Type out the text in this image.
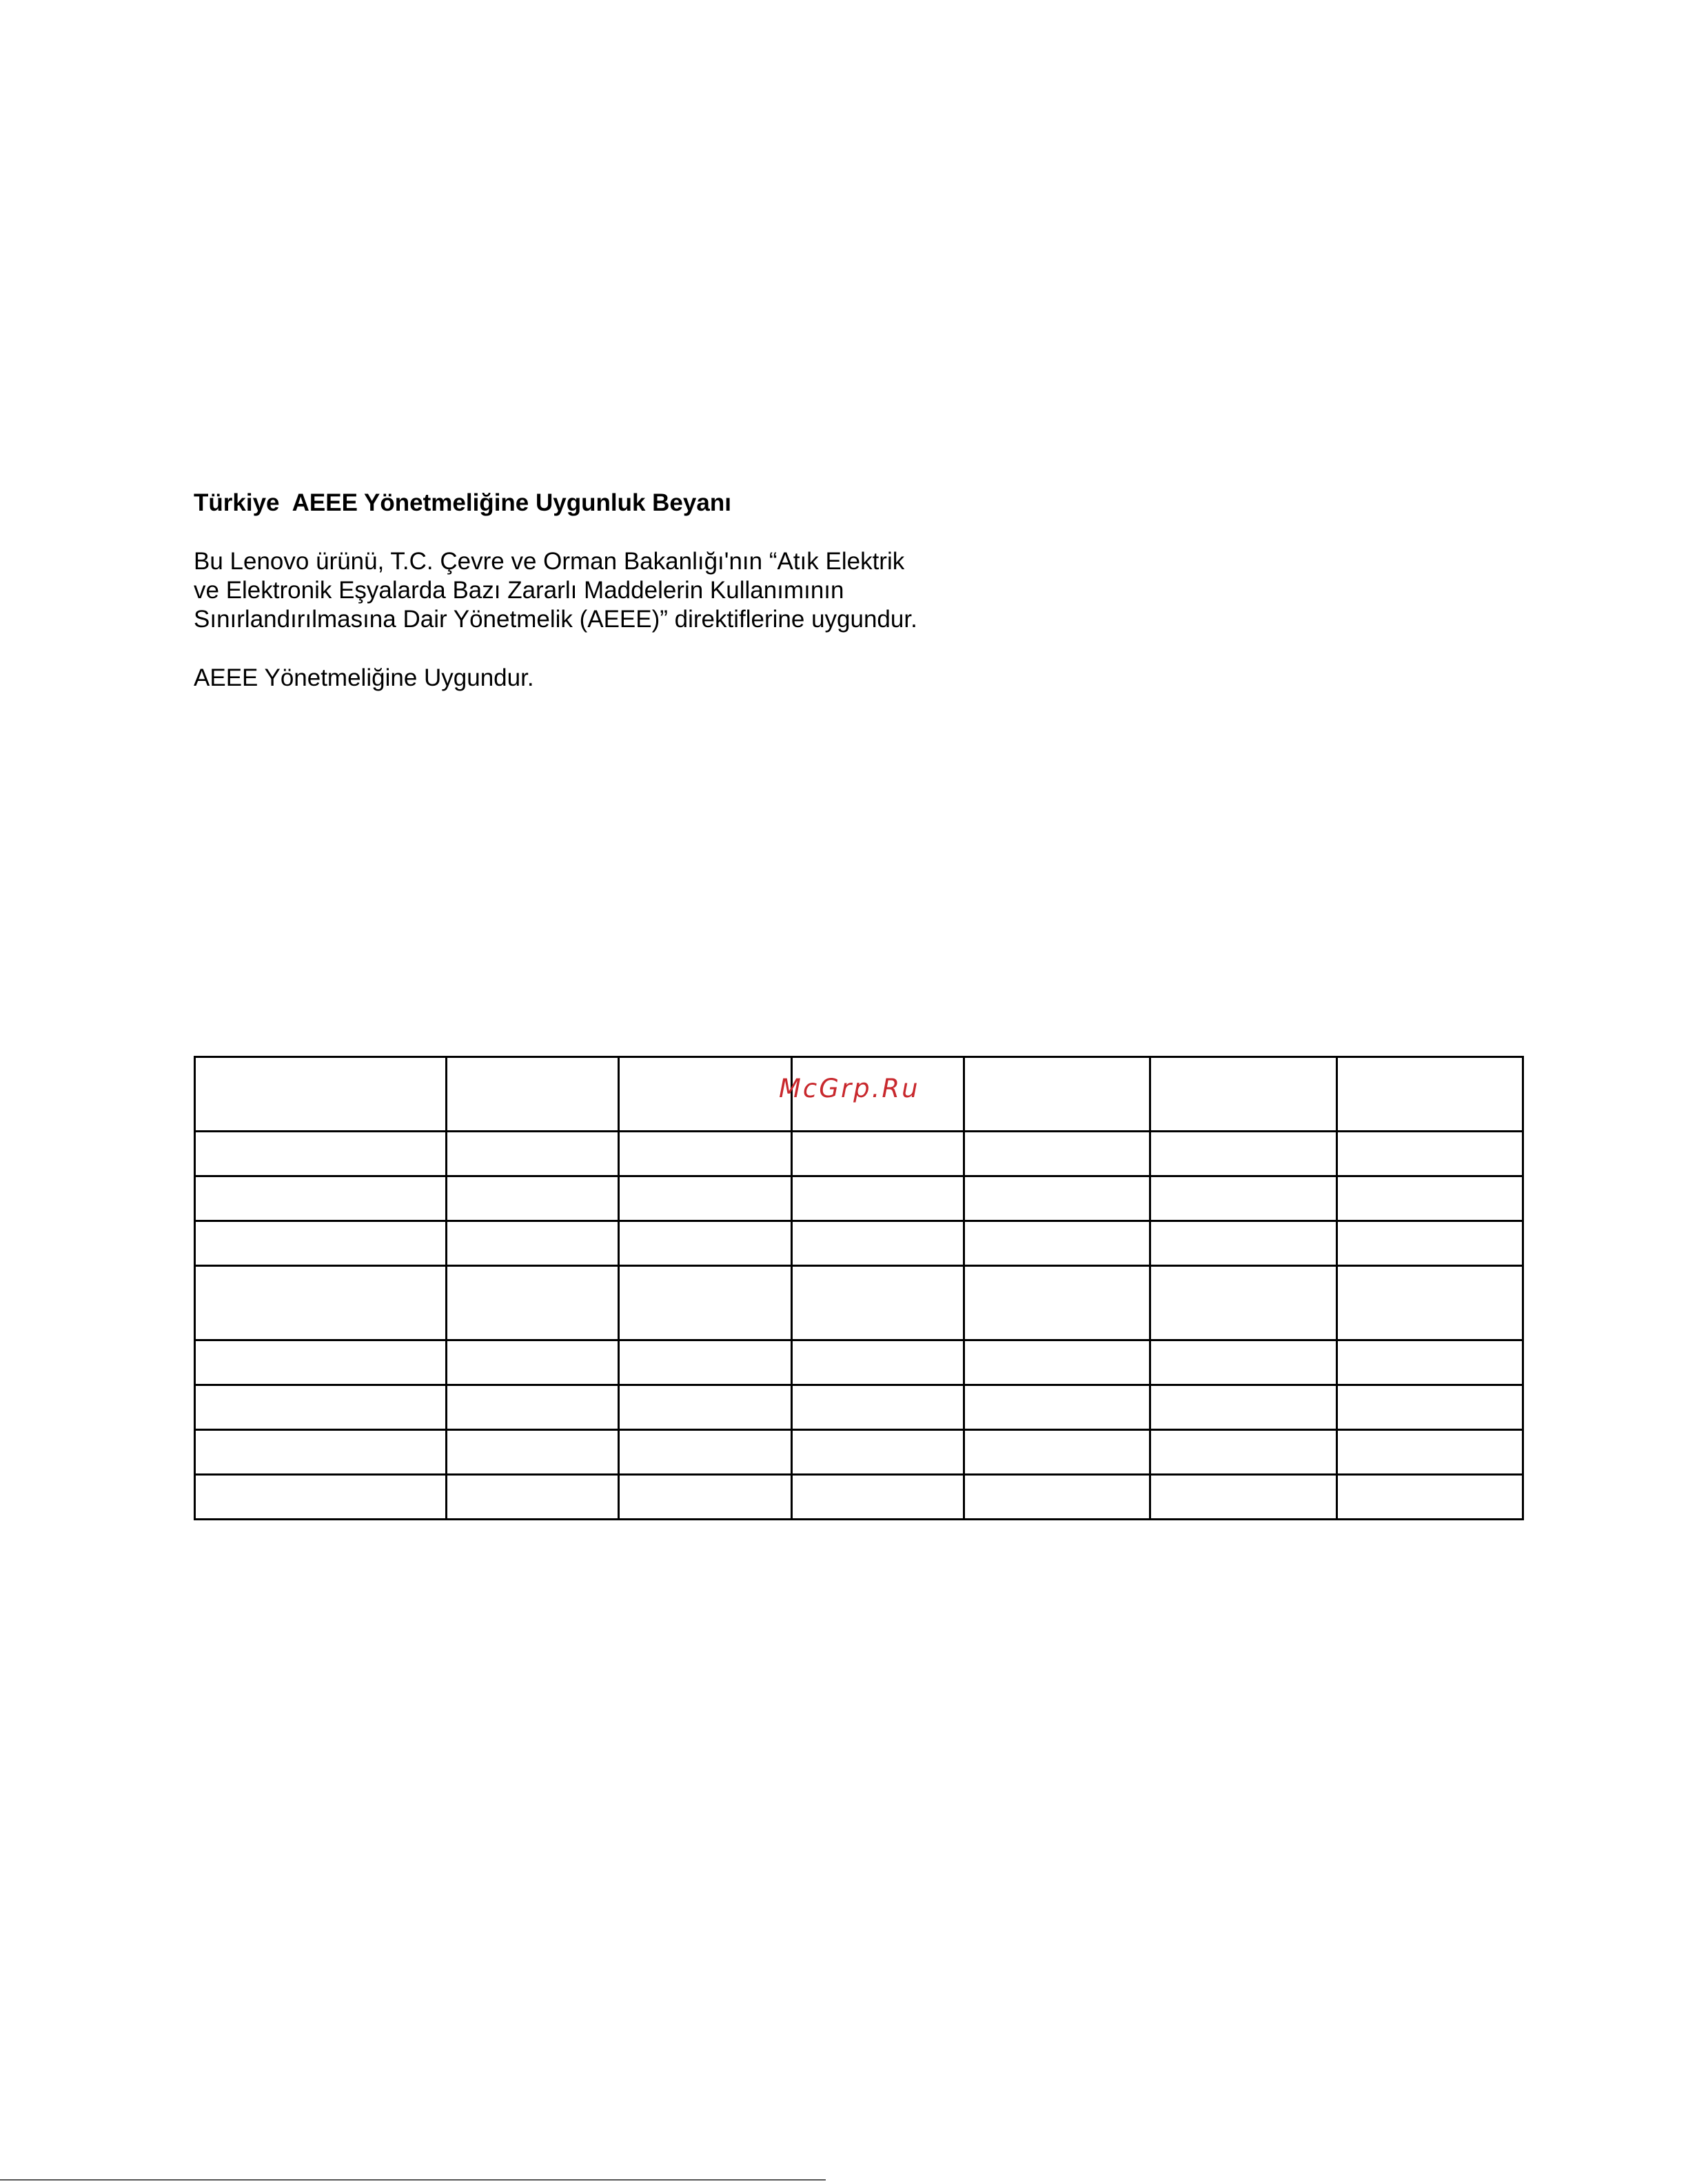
Türkiye  AEEE Yönetmeliğine Uygunluk Beyanı

Bu Lenovo ürünü, T.C. Çevre ve Orman Bakanlığı'nın “Atık Elektrik
ve Elektronik Eşyalarda Bazı Zararlı Maddelerin Kullanımının
Sınırlandırılmasına Dair Yönetmelik (AEEE)” direktiflerine uygundur.

AEEE Yönetmeliğine Uygundur.

McGrp.Ru
